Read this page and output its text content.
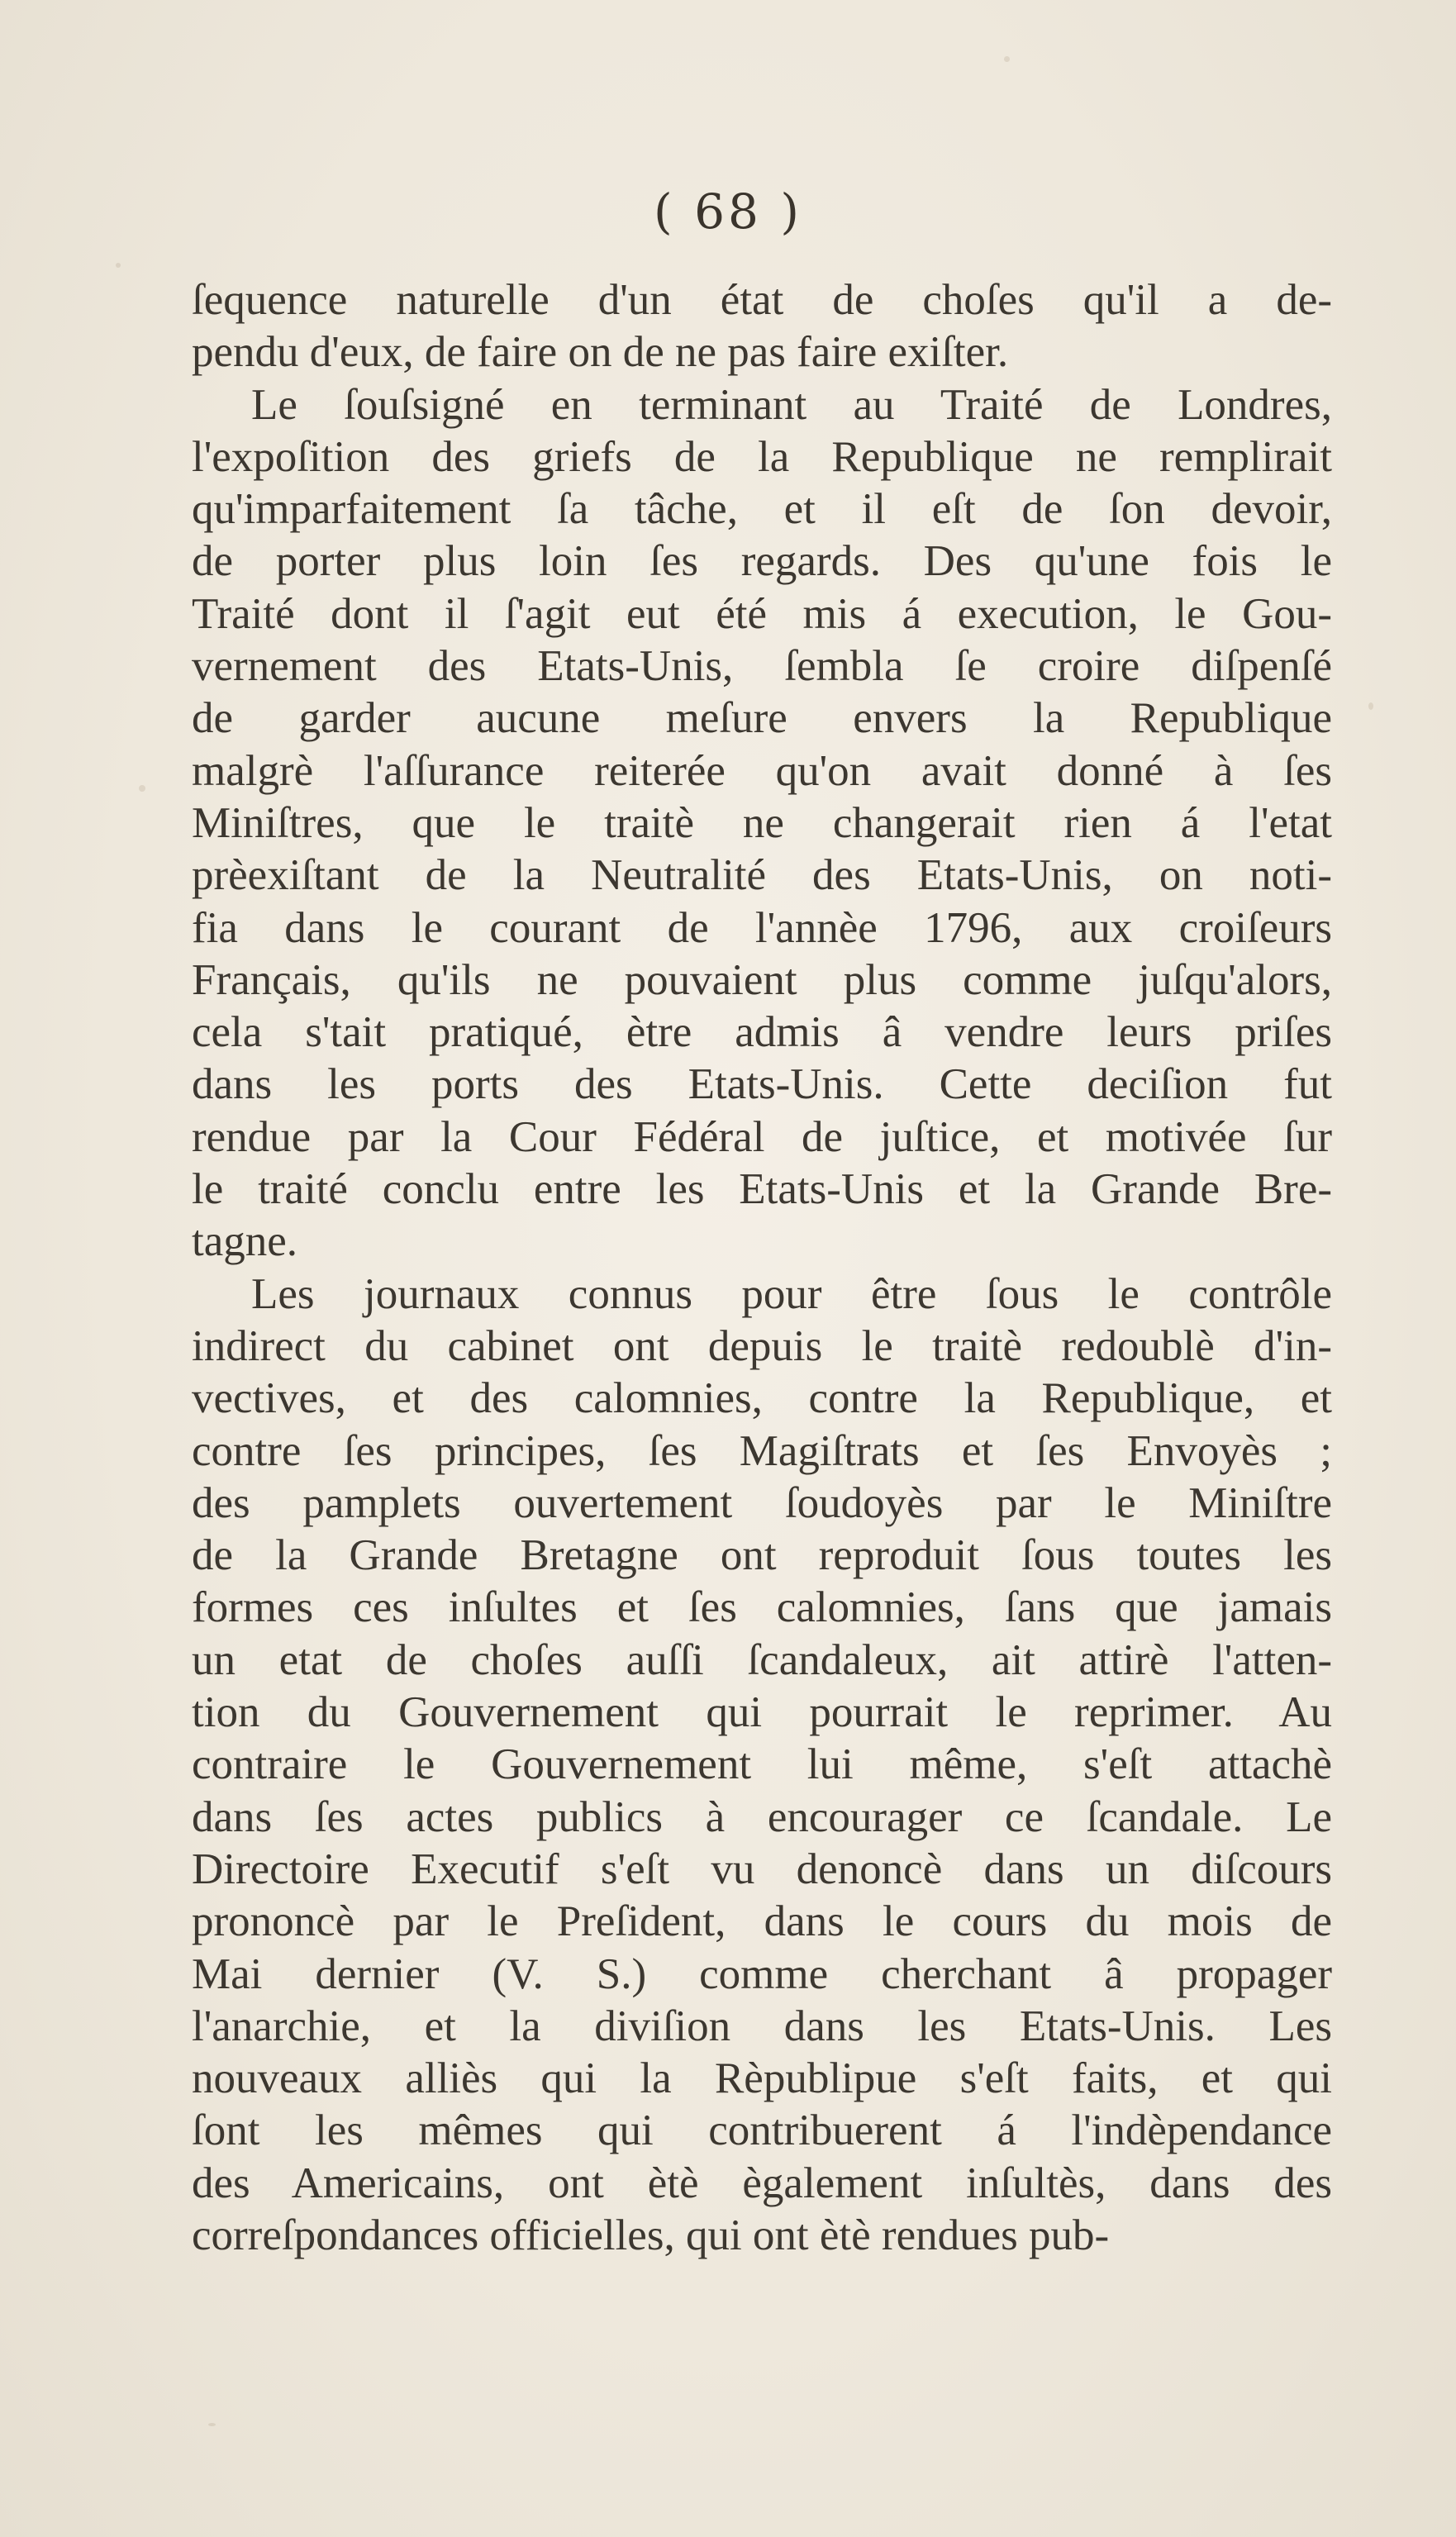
( 68 )
ſequence naturelle d'un état de choſes qu'il a de-
pendu d'eux, de faire on de ne pas faire exiſter.
Le ſouſsigné en terminant au Traité de Londres,
l'expoſition des griefs de la Republique ne remplirait
qu'imparfaitement ſa tâche, et il eſt de ſon devoir,
de porter plus loin ſes regards. Des qu'une fois le
Traité dont il ſ'agit eut été mis á execution, le Gou-
vernement des Etats-Unis, ſembla ſe croire diſpenſé
de garder aucune meſure envers la Republique
malgrè l'aſſurance reiterée qu'on avait donné à ſes
Miniſtres, que le traitè ne changerait rien á l'etat
prèexiſtant de la Neutralité des Etats-Unis, on noti-
fia dans le courant de l'annèe 1796, aux croiſeurs
Français, qu'ils ne pouvaient plus comme juſqu'alors,
cela s'tait pratiqué, ètre admis â vendre leurs priſes
dans les ports des Etats-Unis. Cette deciſion fut
rendue par la Cour Fédéral de juſtice, et motivée ſur
le traité conclu entre les Etats-Unis et la Grande Bre-
tagne.
Les journaux connus pour être ſous le contrôle
indirect du cabinet ont depuis le traitè redoublè d'in-
vectives, et des calomnies, contre la Republique, et
contre ſes principes, ſes Magiſtrats et ſes Envoyès ;
des pamplets ouvertement ſoudoyès par le Miniſtre
de la Grande Bretagne ont reproduit ſous toutes les
formes ces inſultes et ſes calomnies, ſans que jamais
un etat de choſes auſſi ſcandaleux, ait attirè l'atten-
tion du Gouvernement qui pourrait le reprimer. Au
contraire le Gouvernement lui même, s'eſt attachè
dans ſes actes publics à encourager ce ſcandale. Le
Directoire Executif s'eſt vu denoncè dans un diſcours
prononcè par le Preſident, dans le cours du mois de
Mai dernier (V. S.) comme cherchant â propager
l'anarchie, et la diviſion dans les Etats-Unis. Les
nouveaux alliès qui la Rèpublipue s'eſt faits, et qui
ſont les mêmes qui contribuerent á l'indèpendance
des Americains, ont ètè ègalement inſultès, dans des
correſpondances officielles, qui ont ètè rendues pub-
